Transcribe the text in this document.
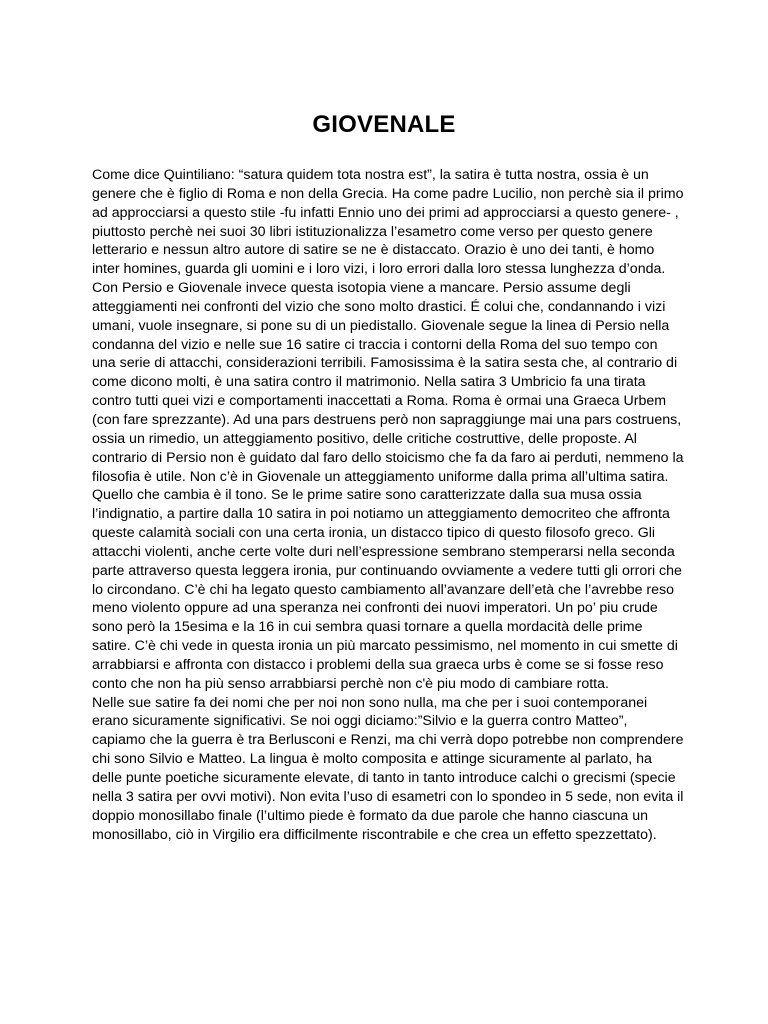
GIOVENALE

Come dice Quintiliano: “satura quidem tota nostra est”, la satira è tutta nostra, ossia è un genere che è figlio di Roma e non della Grecia. Ha come padre Lucilio, non perchè sia il primo ad approcciarsi a questo stile -fu infatti Ennio uno dei primi ad approcciarsi a questo genere- , piuttosto perchè nei suoi 30 libri istituzionalizza l’esametro come verso per questo genere letterario e nessun altro autore di satire se ne è distaccato. Orazio è uno dei tanti, è homo inter homines, guarda gli uomini e i loro vizi, i loro errori dalla loro stessa lunghezza d’onda. Con Persio e Giovenale invece questa isotopia viene a mancare. Persio assume degli atteggiamenti nei confronti del vizio che sono molto drastici. É colui che, condannando i vizi umani, vuole insegnare, si pone su di un piedistallo. Giovenale segue la linea di Persio nella condanna del vizio e nelle sue 16 satire ci traccia i contorni della Roma del suo tempo con una serie di attacchi, considerazioni terribili. Famosissima è la satira sesta che, al contrario di come dicono molti, è una satira contro il matrimonio. Nella satira 3 Umbricio fa una tirata contro tutti quei vizi e comportamenti inaccettati a Roma. Roma è ormai una Graeca Urbem (con fare sprezzante). Ad una pars destruens però non sapraggiunge mai una pars costruens, ossia un rimedio, un atteggiamento positivo, delle critiche costruttive, delle proposte. Al contrario di Persio non è guidato dal faro dello stoicismo che fa da faro ai perduti, nemmeno la filosofia è utile. Non c’è in Giovenale un atteggiamento uniforme dalla prima all’ultima satira. Quello che cambia è il tono. Se le prime satire sono caratterizzate dalla sua musa ossia l’indignatio, a partire dalla 10 satira in poi notiamo un atteggiamento democriteo che affronta queste calamità sociali con una certa ironia, un distacco tipico di questo filosofo greco. Gli attacchi violenti, anche certe volte duri nell’espressione sembrano stemperarsi nella seconda parte attraverso questa leggera ironia, pur continuando ovviamente a vedere tutti gli orrori che lo circondano. C’è chi ha legato questo cambiamento all’avanzare dell’età che l’avrebbe reso meno violento oppure ad una speranza nei confronti dei nuovi imperatori. Un po’ piu crude sono però la 15esima e la 16 in cui sembra quasi tornare a quella mordacità delle prime satire. C’è chi vede in questa ironia un più marcato pessimismo, nel momento in cui smette di arrabbiarsi e affronta con distacco i problemi della sua graeca urbs è come se si fosse reso conto che non ha più senso arrabbiarsi perchè non c'è piu modo di cambiare rotta.

Nelle sue satire fa dei nomi che per noi non sono nulla, ma che per i suoi contemporanei erano sicuramente significativi. Se noi oggi diciamo:”Silvio e la guerra contro Matteo”, capiamo che la guerra è tra Berlusconi e Renzi, ma chi verrà dopo potrebbe non comprendere chi sono Silvio e Matteo. La lingua è molto composita e attinge sicuramente al parlato, ha delle punte poetiche sicuramente elevate, di tanto in tanto introduce calchi o grecismi (specie nella 3 satira per ovvi motivi). Non evita l’uso di esametri con lo spondeo in 5 sede, non evita il doppio monosillabo finale (l’ultimo piede è formato da due parole che hanno ciascuna un monosillabo, ciò in Virgilio era difficilmente riscontrabile e che crea un effetto spezzettato).
